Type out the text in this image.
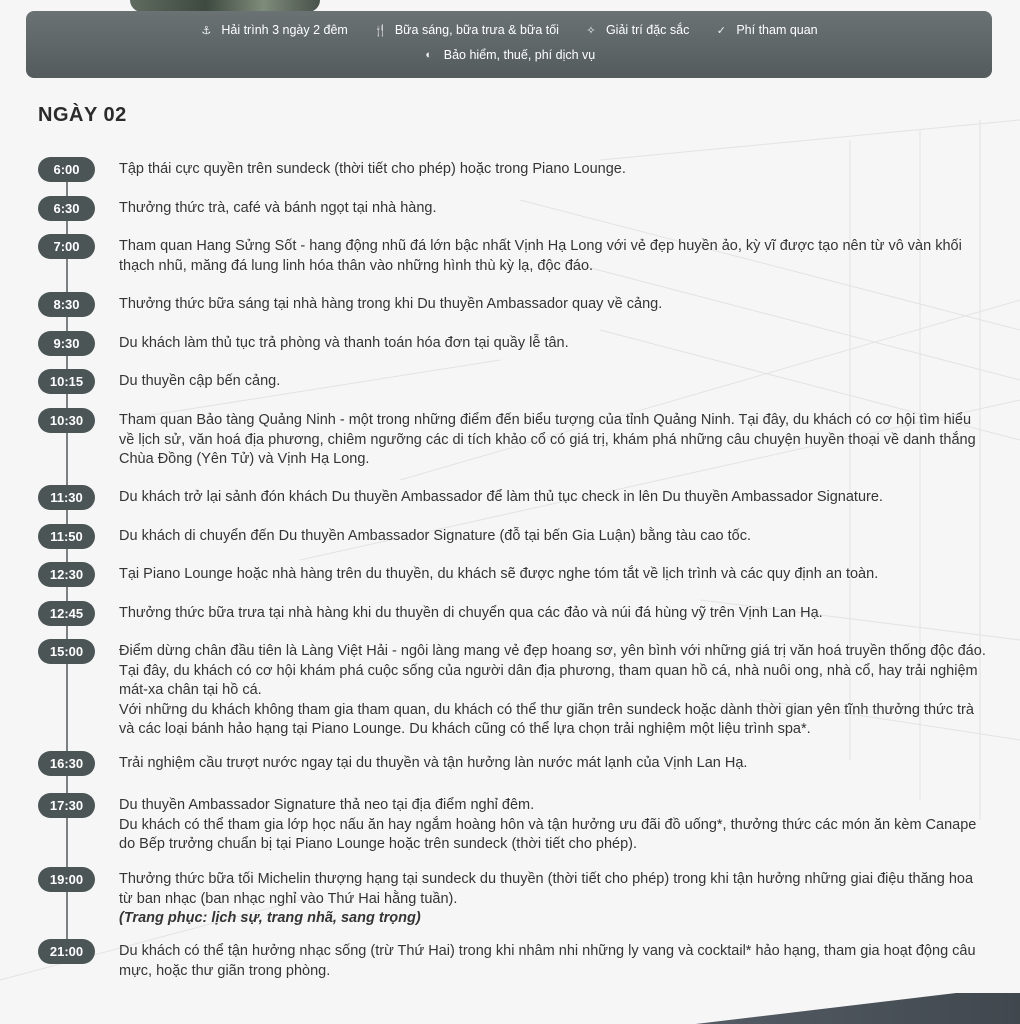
⚓ Hải trình 3 ngày 2 đêm 🍴 Bữa sáng, bữa trưa & bữa tối ✧ Giải trí đặc sắc ✓ Phí tham quan
◐ Bảo hiểm, thuế, phí dịch vụ
NGÀY 02
6:00	Tập thái cực quyền trên sundeck (thời tiết cho phép) hoặc trong Piano Lounge.

6:30	Thưởng thức trà, café và bánh ngọt tại nhà hàng.

7:00	Tham quan Hang Sửng Sốt - hang động nhũ đá lớn bậc nhất Vịnh Hạ Long với vẻ đẹp huyền ảo, kỳ vĩ được tạo nên từ vô vàn khối thạch nhũ, măng đá lung linh hóa thân vào những hình thù kỳ lạ, độc đáo.

8:30	Thưởng thức bữa sáng tại nhà hàng trong khi Du thuyền Ambassador quay về cảng.

9:30	Du khách làm thủ tục trả phòng và thanh toán hóa đơn tại quầy lễ tân.

10:15	Du thuyền cập bến cảng.

10:30	Tham quan Bảo tàng Quảng Ninh - một trong những điểm đến biểu tượng của tỉnh Quảng Ninh. Tại đây, du khách có cơ hội tìm hiểu về lịch sử, văn hoá địa phương, chiêm ngưỡng các di tích khảo cổ có giá trị, khám phá những câu chuyện huyền thoại về danh thắng Chùa Đồng (Yên Tử) và Vịnh Hạ Long.

11:30	Du khách trở lại sảnh đón khách Du thuyền Ambassador để làm thủ tục check in lên Du thuyền Ambassador Signature.

11:50	Du khách di chuyển đến Du thuyền Ambassador Signature (đỗ tại bến Gia Luận) bằng tàu cao tốc.

12:30	Tại Piano Lounge hoặc nhà hàng trên du thuyền, du khách sẽ được nghe tóm tắt về lịch trình và các quy định an toàn.

12:45	Thưởng thức bữa trưa tại nhà hàng khi du thuyền di chuyển qua các đảo và núi đá hùng vỹ trên Vịnh Lan Hạ.

15:00	Điểm dừng chân đầu tiên là Làng Việt Hải - ngôi làng mang vẻ đẹp hoang sơ, yên bình với những giá trị văn hoá truyền thống độc đáo. Tại đây, du khách có cơ hội khám phá cuộc sống của người dân địa phương, tham quan hồ cá, nhà nuôi ong, nhà cổ, hay trải nghiệm mát-xa chân tại hồ cá.

Với những du khách không tham gia tham quan, du khách có thể thư giãn trên sundeck hoặc dành thời gian yên tĩnh thưởng thức trà và các loại bánh hảo hạng tại Piano Lounge. Du khách cũng có thể lựa chọn trải nghiệm một liệu trình spa*.

16:30	Trải nghiệm cầu trượt nước ngay tại du thuyền và tận hưởng làn nước mát lạnh của Vịnh Lan Hạ.

17:30	Du thuyền Ambassador Signature thả neo tại địa điểm nghỉ đêm.

Du khách có thể tham gia lớp học nấu ăn hay ngắm hoàng hôn và tận hưởng ưu đãi đồ uống*, thưởng thức các món ăn kèm Canape do Bếp trưởng chuẩn bị tại Piano Lounge hoặc trên sundeck (thời tiết cho phép).

19:00	Thưởng thức bữa tối Michelin thượng hạng tại sundeck du thuyền (thời tiết cho phép) trong khi tận hưởng những giai điệu thăng hoa từ ban nhạc (ban nhạc nghỉ vào Thứ Hai hằng tuần).

(Trang phục: lịch sự, trang nhã, sang trọng)

21:00	Du khách có thể tận hưởng nhạc sống (trừ Thứ Hai) trong khi nhâm nhi những ly vang và cocktail* hảo hạng, tham gia hoạt động câu mực, hoặc thư giãn trong phòng.
